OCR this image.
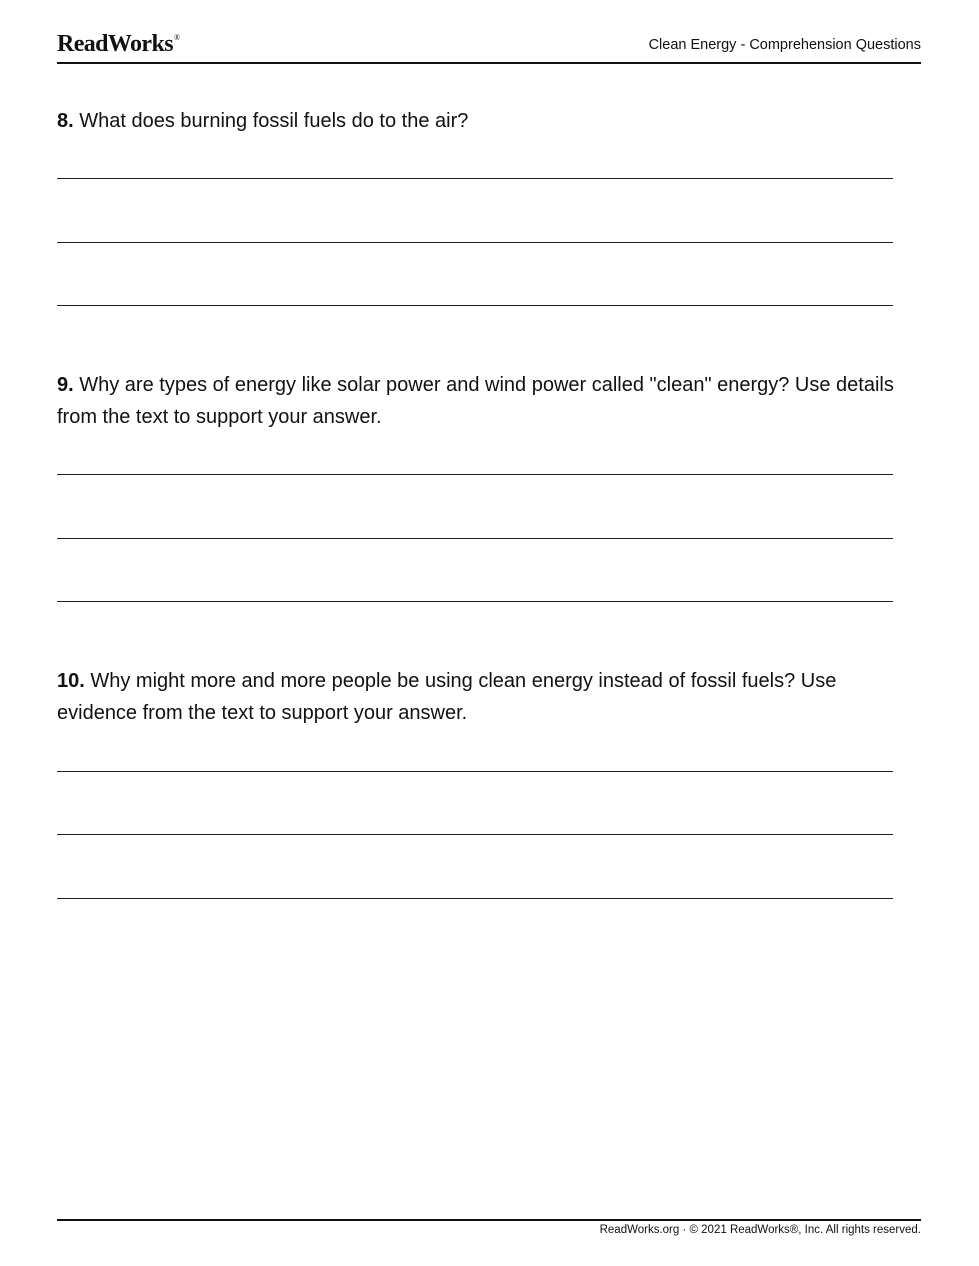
ReadWorks®	Clean Energy - Comprehension Questions
8. What does burning fossil fuels do to the air?
9. Why are types of energy like solar power and wind power called "clean" energy? Use details from the text to support your answer.
10. Why might more and more people be using clean energy instead of fossil fuels? Use evidence from the text to support your answer.
ReadWorks.org · © 2021 ReadWorks®, Inc. All rights reserved.
